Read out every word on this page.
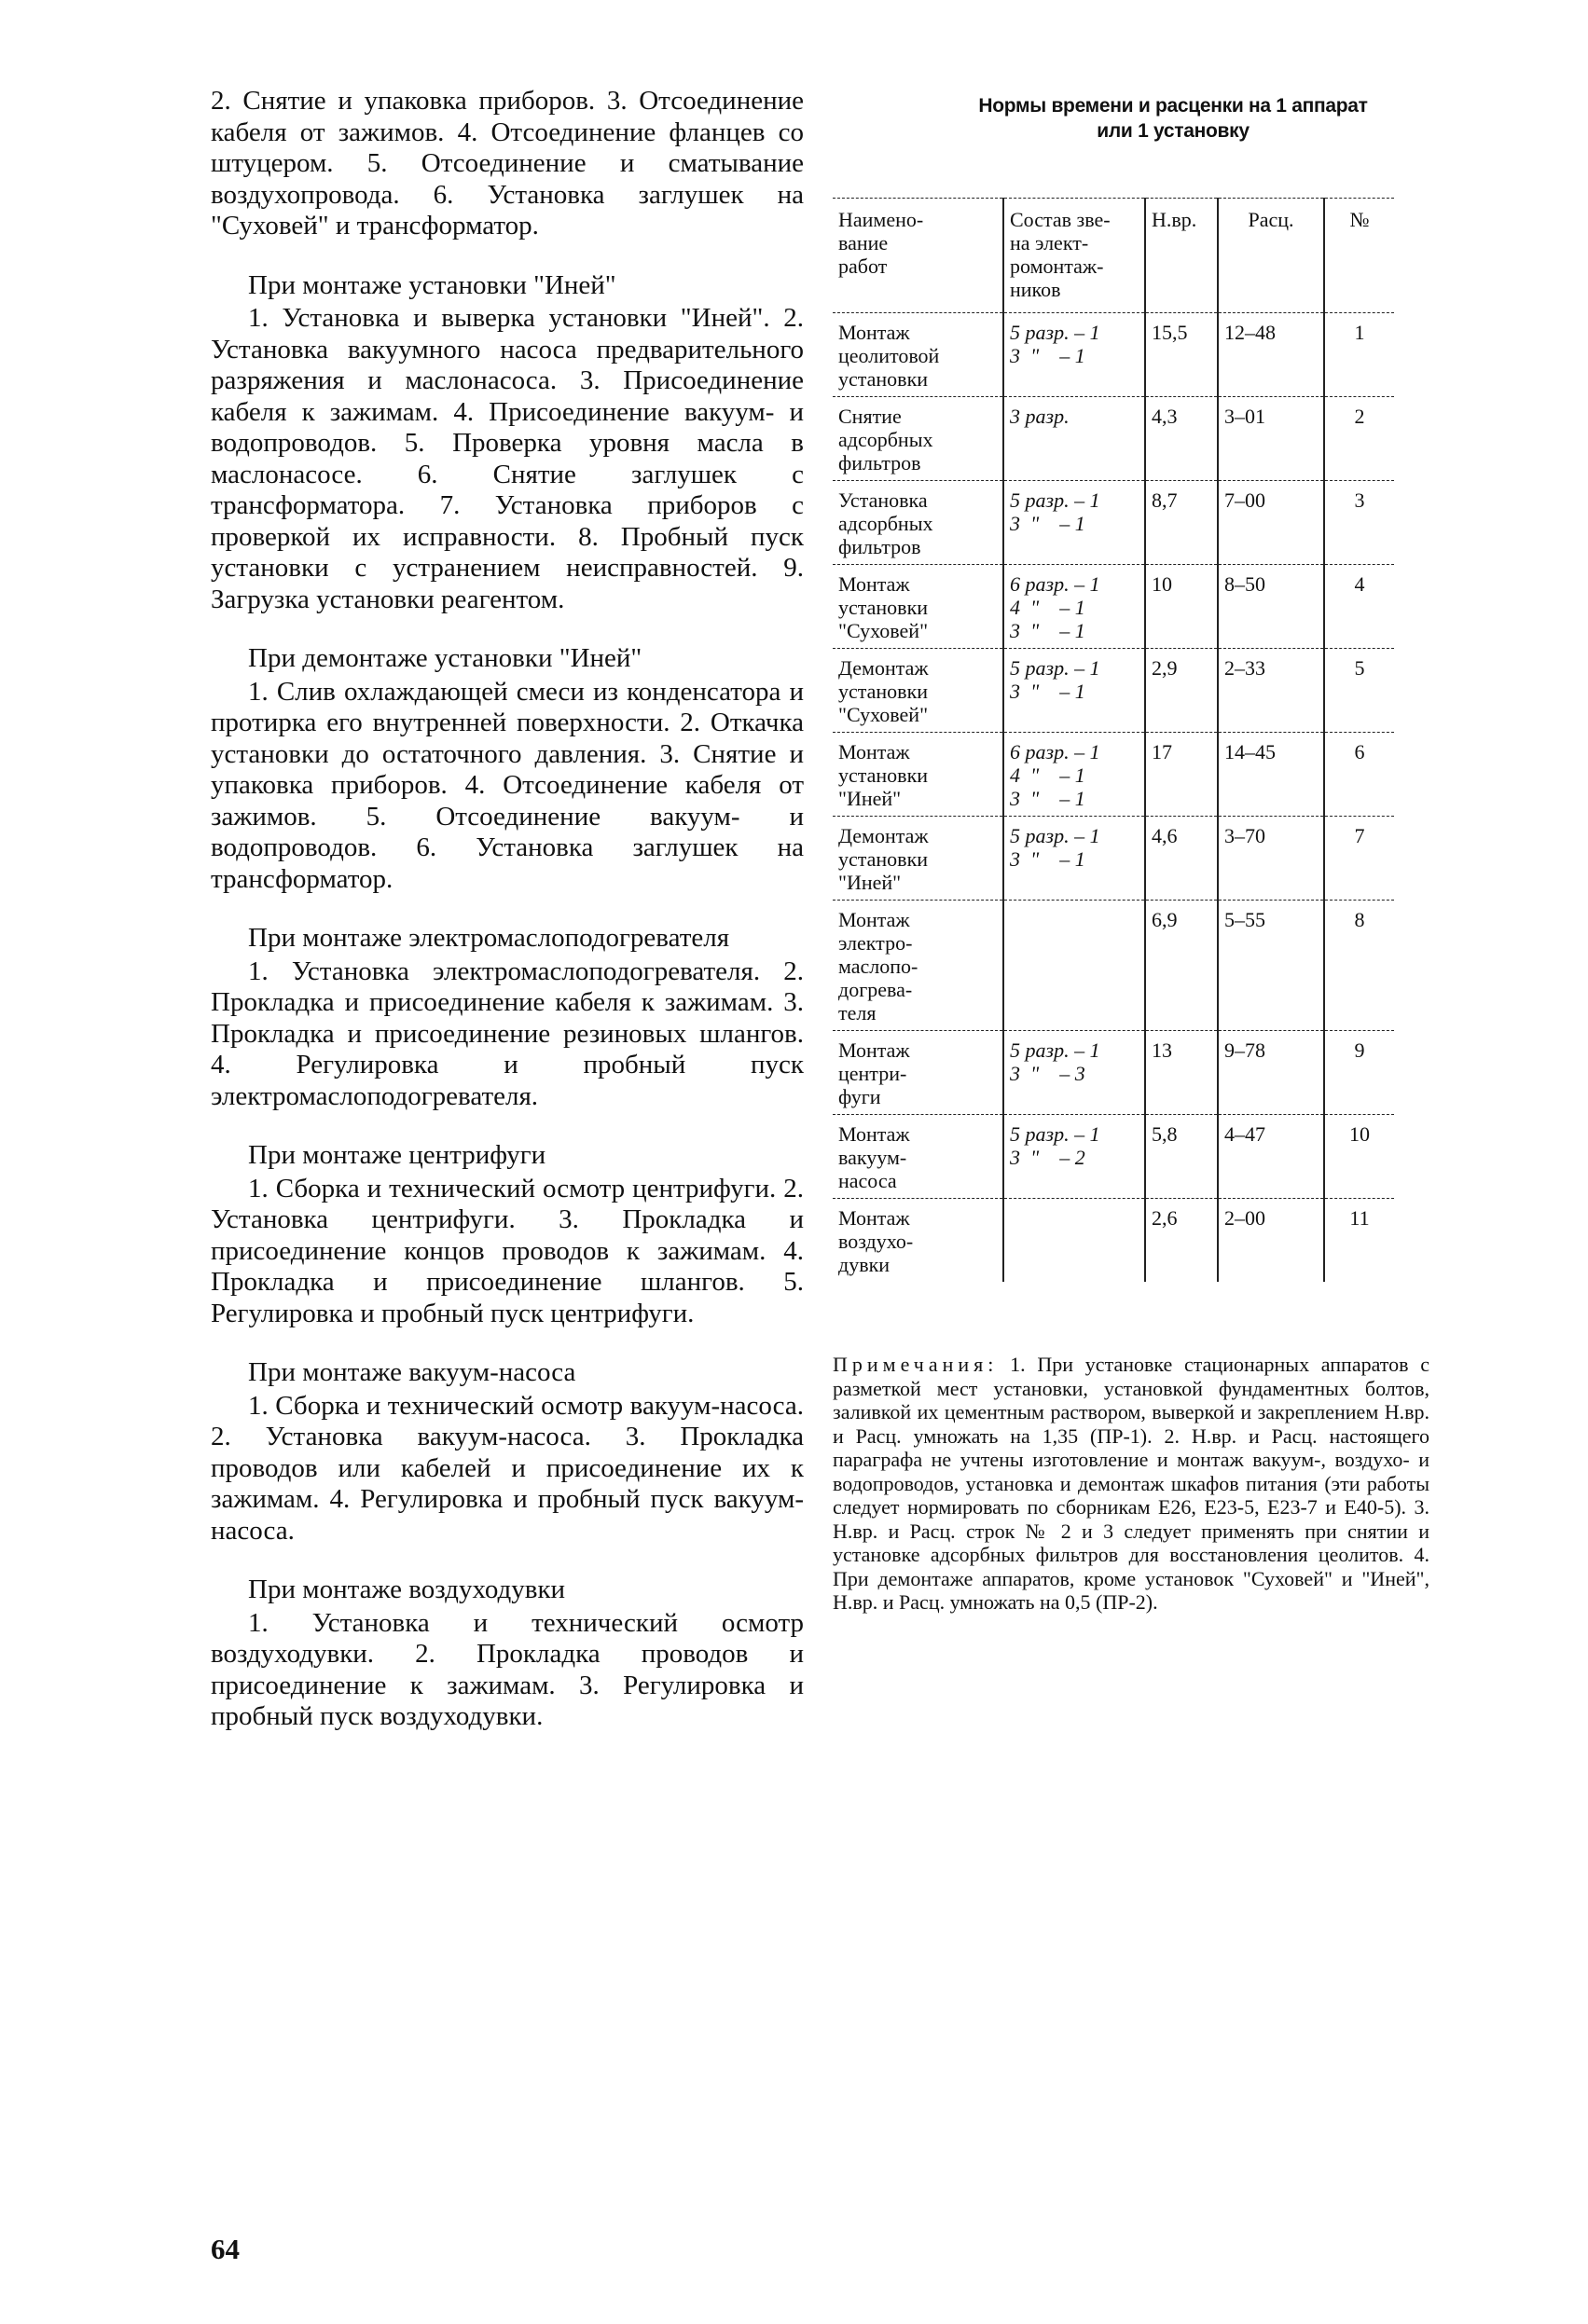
2. Снятие и упаковка приборов. 3. Отсоединение кабеля от зажимов. 4. Отсоединение фланцев со штуцером. 5. Отсоединение и сматывание воздухопровода. 6. Установка заглушек на "Суховей" и трансформатор.

При монтаже установки "Иней"

1. Установка и выверка установки "Иней". 2. Установка вакуумного насоса предварительного разряжения и маслонасоса. 3. Присоединение кабеля к зажимам. 4. Присоединение вакуум- и водопроводов. 5. Проверка уровня масла в маслонасосе. 6. Снятие заглушек с трансформатора. 7. Установка приборов с проверкой их исправности. 8. Пробный пуск установки с устранением неисправностей. 9. Загрузка установки реагентом.

При демонтаже установки "Иней"

1. Слив охлаждающей смеси из конденсатора и протирка его внутренней поверхности. 2. Откачка установки до остаточного давления. 3. Снятие и упаковка приборов. 4. Отсоединение кабеля от зажимов. 5. Отсоединение вакуум- и водопроводов. 6. Установка заглушек на трансформатор.

При монтаже электромаслоподогревателя

1. Установка электромаслоподогревателя. 2. Прокладка и присоединение кабеля к зажимам. 3. Прокладка и присоединение резиновых шлангов. 4. Регулировка и пробный пуск электромаслоподогревателя.

При монтаже центрифуги

1. Сборка и технический осмотр центрифуги. 2. Установка центрифуги. 3. Прокладка и присоединение концов проводов к зажимам. 4. Прокладка и присоединение шлангов. 5. Регулировка и пробный пуск центрифуги.

При монтаже вакуум-насоса

1. Сборка и технический осмотр вакуум-насоса. 2. Установка вакуум-насоса. 3. Прокладка проводов или кабелей и присоединение их к зажимам. 4. Регулировка и пробный пуск вакуум-насоса.

При монтаже воздуходувки

1. Установка и технический осмотр воздуходувки. 2. Прокладка проводов и присоединение к зажимам. 3. Регулировка и пробный пуск воздуходувки.

Нормы времени и расценки на 1 аппарат
или 1 установку
Наимено-
вание
работ	Состав зве-
на элект-
ромонтаж-
ников	Н.вр.	Расц.	№

Монтаж
цеолитовой
установки	5 разр. – 1
3  "    – 1	15,5	12–48	1

Снятие
адсорбных
фильтров	3 разр.	4,3	3–01	2

Установка
адсорбных
фильтров	5 разр. – 1
3  "    – 1	8,7	7–00	3

Монтаж
установки
"Суховей"	6 разр. – 1
4  "    – 1
3  "    – 1	10	8–50	4

Демонтаж
установки
"Суховей"	5 разр. – 1
3  "    – 1	2,9	2–33	5

Монтаж
установки
"Иней"	6 разр. – 1
4  "    – 1
3  "    – 1	17	14–45	6

Демонтаж
установки
"Иней"	5 разр. – 1
3  "    – 1	4,6	3–70	7

Монтаж
электро-
маслопо-
догрева-
теля		6,9	5–55	8

Монтаж
центри-
фуги	5 разр. – 1
3  "    – 3	13	9–78	9

Монтаж
вакуум-
насоса	5 разр. – 1
3  "    – 2	5,8	4–47	10

Монтаж
воздухо-
дувки		2,6	2–00	11
Примечания: 1. При установке стационарных аппаратов с разметкой мест установки, установкой фундаментных болтов, заливкой их цементным раствором, выверкой и закреплением Н.вр. и Расц. умножать на 1,35 (ПР-1). 2. Н.вр. и Расц. настоящего параграфа не учтены изготовление и монтаж вакуум-, воздухо- и водопроводов, установка и демонтаж шкафов питания (эти работы следует нормировать по сборникам Е26, Е23-5, Е23-7 и Е40-5). 3. Н.вр. и Расц. строк № 2 и 3 следует применять при снятии и установке адсорбных фильтров для восстановления цеолитов. 4. При демонтаже аппаратов, кроме установок "Суховей" и "Иней", Н.вр. и Расц. умножать на 0,5 (ПР-2).
64
